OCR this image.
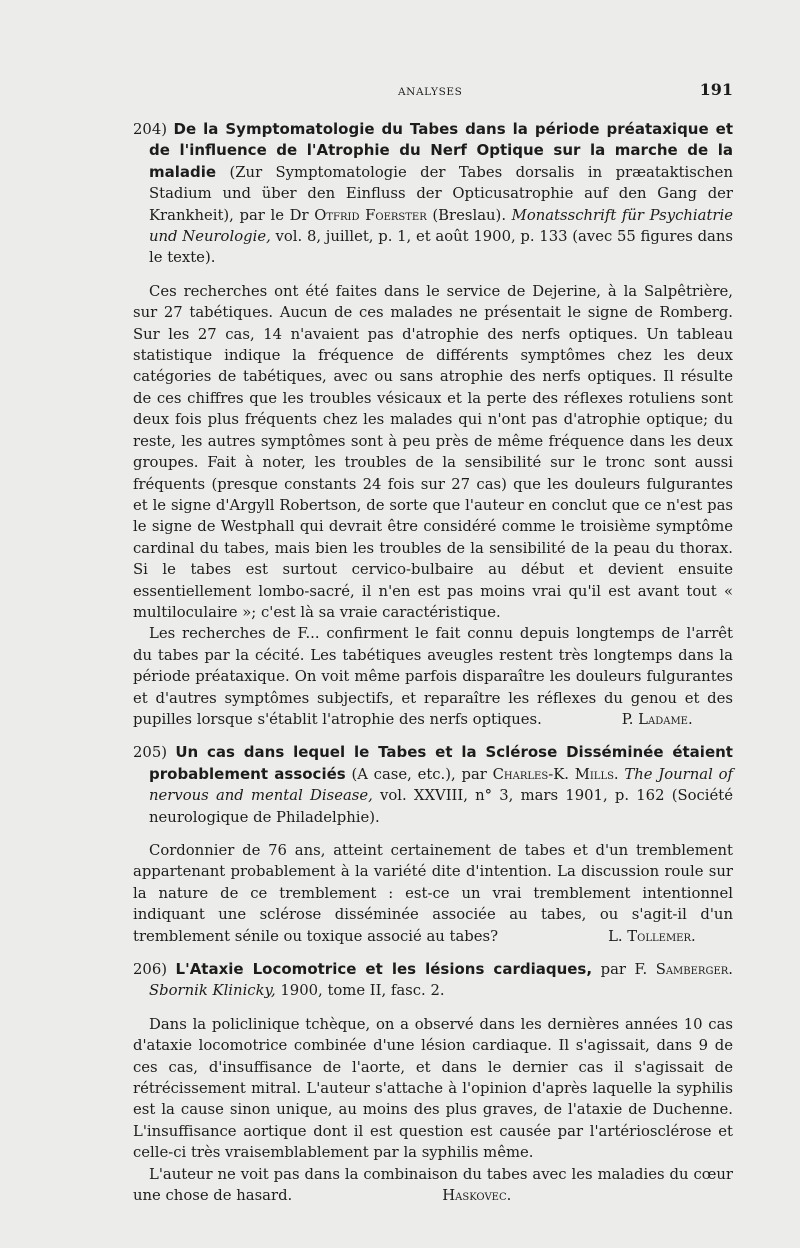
ANALYSES	191

204) De la Symptomatologie du Tabes dans la période préataxique et de l'influence de l'Atrophie du Nerf Optique sur la marche de la maladie (Zur Symptomatologie der Tabes dorsalis in præataktischen Stadium und über den Einfluss der Opticusatrophie auf den Gang der Krankheit), par le Dr Otfrid Foerster (Breslau). Monatsschrift für Psychiatrie und Neurologie, vol. 8, juillet, p. 1, et août 1900, p. 133 (avec 55 figures dans le texte).

Ces recherches ont été faites dans le service de Dejerine, à la Salpêtrière, sur 27 tabétiques. Aucun de ces malades ne présentait le signe de Romberg. Sur les 27 cas, 14 n'avaient pas d'atrophie des nerfs optiques. Un tableau statistique indique la fréquence de différents symptômes chez les deux catégories de tabétiques, avec ou sans atrophie des nerfs optiques. Il résulte de ces chiffres que les troubles vésicaux et la perte des réflexes rotuliens sont deux fois plus fréquents chez les malades qui n'ont pas d'atrophie optique; du reste, les autres symptômes sont à peu près de même fréquence dans les deux groupes. Fait à noter, les troubles de la sensibilité sur le tronc sont aussi fréquents (presque constants 24 fois sur 27 cas) que les douleurs fulgurantes et le signe d'Argyll Robertson, de sorte que l'auteur en conclut que ce n'est pas le signe de Westphall qui devrait être considéré comme le troisième symptôme cardinal du tabes, mais bien les troubles de la sensibilité de la peau du thorax. Si le tabes est surtout cervico-bulbaire au début et devient ensuite essentiellement lombo-sacré, il n'en est pas moins vrai qu'il est avant tout « multiloculaire »; c'est là sa vraie caractéristique.

Les recherches de F... confirment le fait connu depuis longtemps de l'arrêt du tabes par la cécité. Les tabétiques aveugles restent très longtemps dans la période préataxique. On voit même parfois disparaître les douleurs fulgurantes et d'autres symptômes subjectifs, et reparaître les réflexes du genou et des pupilles lorsque s'établit l'atrophie des nerfs optiques.	P. Ladame.

205) Un cas dans lequel le Tabes et la Sclérose Disséminée étaient probablement associés (A case, etc.), par Charles-K. Mills. The Journal of nervous and mental Disease, vol. XXVIII, n° 3, mars 1901, p. 162 (Société neurologique de Philadelphie).

Cordonnier de 76 ans, atteint certainement de tabes et d'un tremblement appartenant probablement à la variété dite d'intention. La discussion roule sur la nature de ce tremblement : est-ce un vrai tremblement intentionnel indiquant une sclérose disséminée associée au tabes, ou s'agit-il d'un tremblement sénile ou toxique associé au tabes?	L. Tollemer.

206) L'Ataxie Locomotrice et les lésions cardiaques, par F. Samberger. Sbornik Klinicky, 1900, tome II, fasc. 2.

Dans la policlinique tchèque, on a observé dans les dernières années 10 cas d'ataxie locomotrice combinée d'une lésion cardiaque. Il s'agissait, dans 9 de ces cas, d'insuffisance de l'aorte, et dans le dernier cas il s'agissait de rétrécissement mitral. L'auteur s'attache à l'opinion d'après laquelle la syphilis est la cause sinon unique, au moins des plus graves, de l'ataxie de Duchenne. L'insuffisance aortique dont il est question est causée par l'artériosclérose et celle-ci très vraisemblablement par la syphilis même.

L'auteur ne voit pas dans la combinaison du tabes avec les maladies du cœur une chose de hasard.	Haskovec.
